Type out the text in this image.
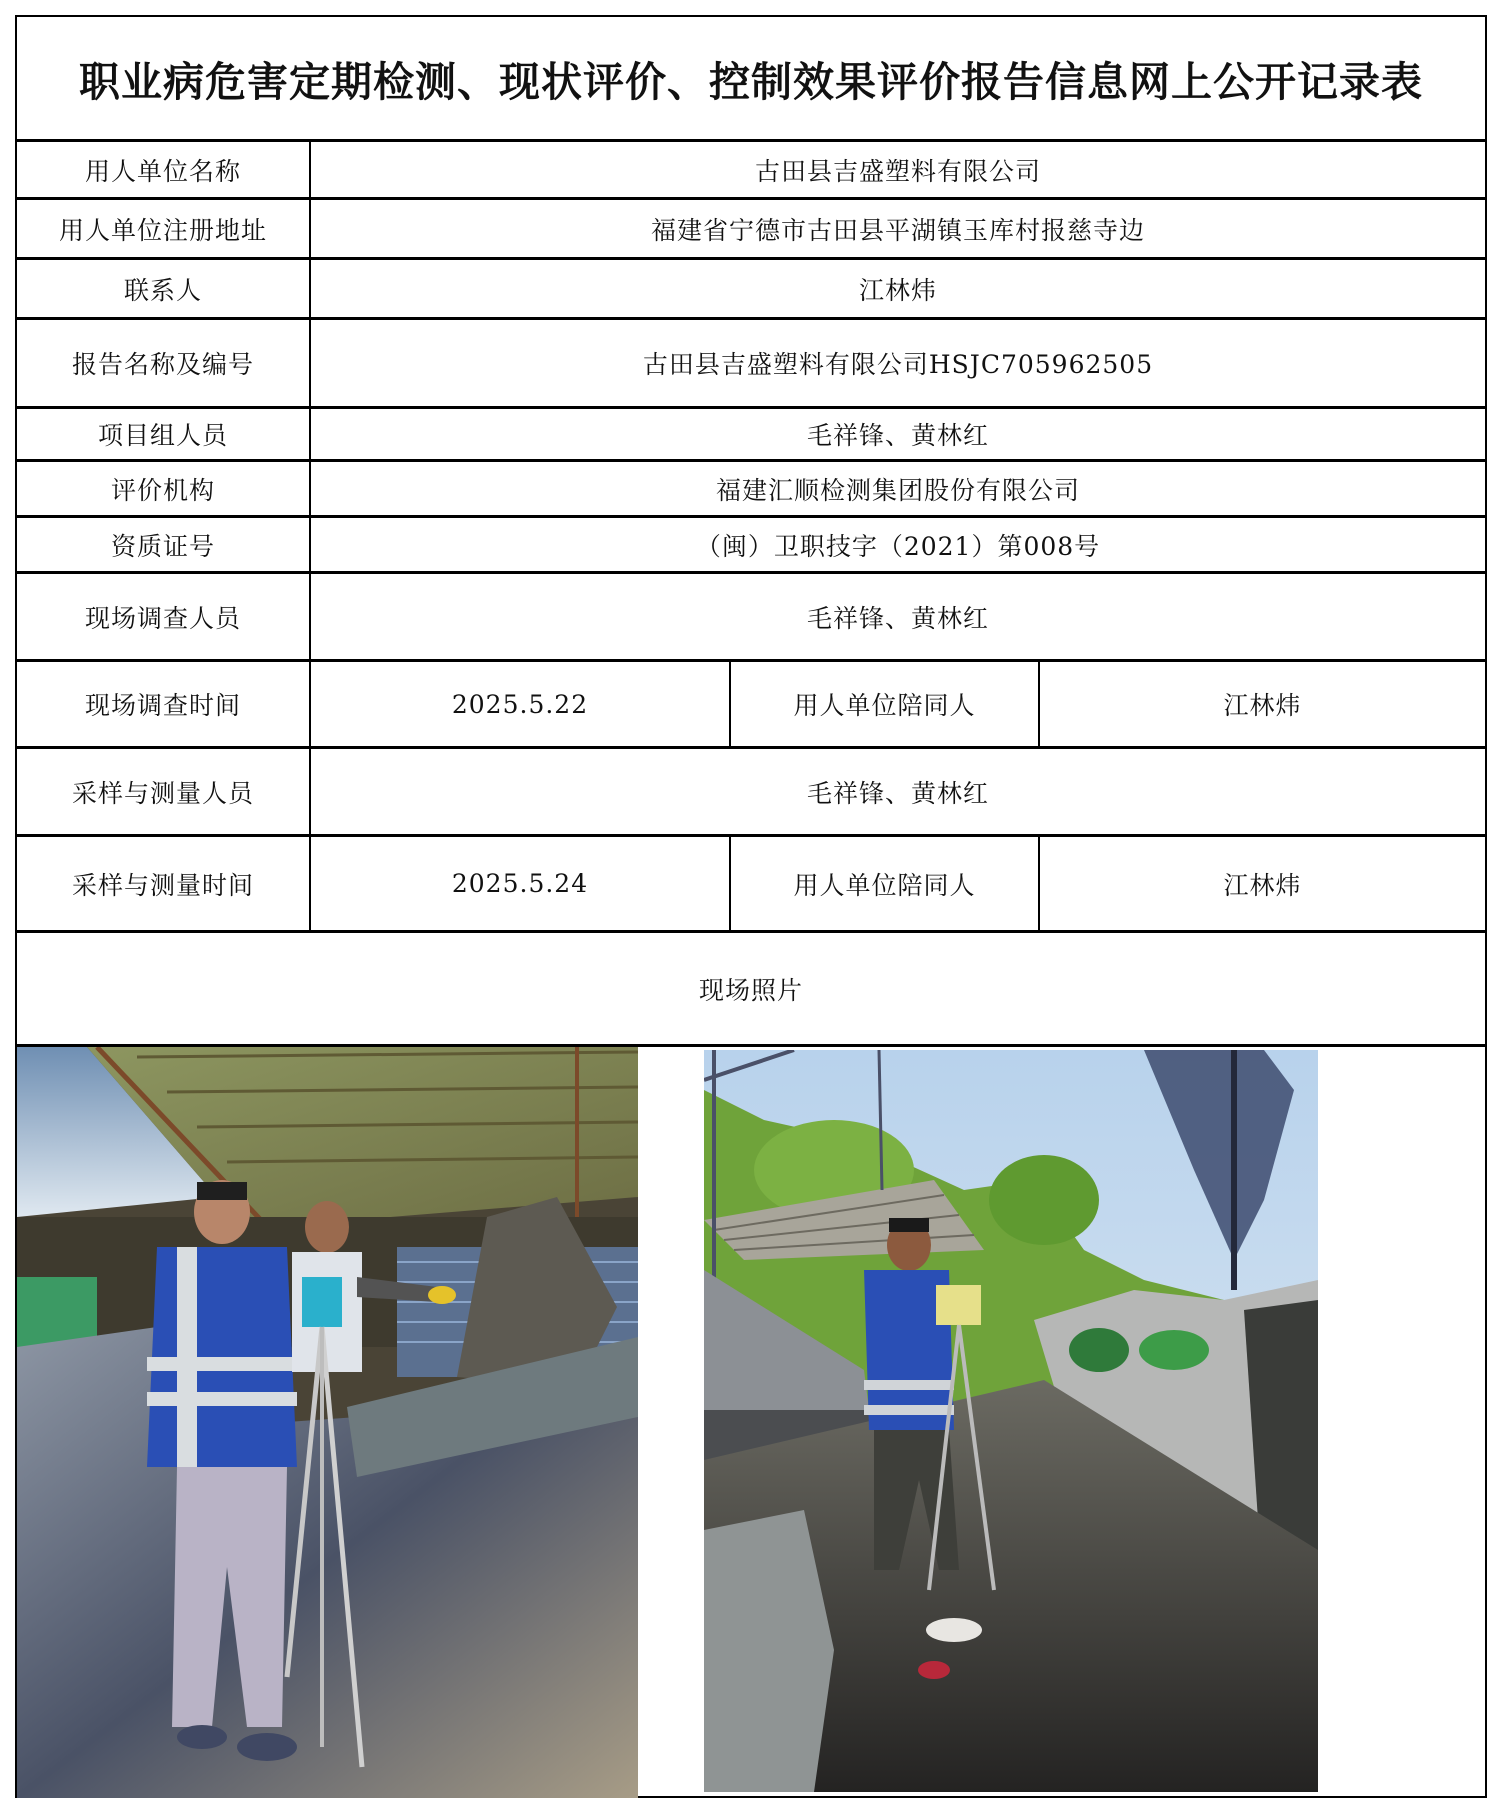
职业病危害定期检测、现状评价、控制效果评价报告信息网上公开记录表
用人单位名称	古田县吉盛塑料有限公司
用人单位注册地址	福建省宁德市古田县平湖镇玉库村报慈寺边
联系人	江林炜
报告名称及编号	古田县吉盛塑料有限公司HSJC705962505
项目组人员	毛祥锋、黄林红
评价机构	福建汇顺检测集团股份有限公司
资质证号	（闽）卫职技字（2021）第008号
现场调查人员	毛祥锋、黄林红
现场调查时间	2025.5.22	用人单位陪同人	江林炜
采样与测量人员	毛祥锋、黄林红
采样与测量时间	2025.5.24	用人单位陪同人	江林炜
现场照片
